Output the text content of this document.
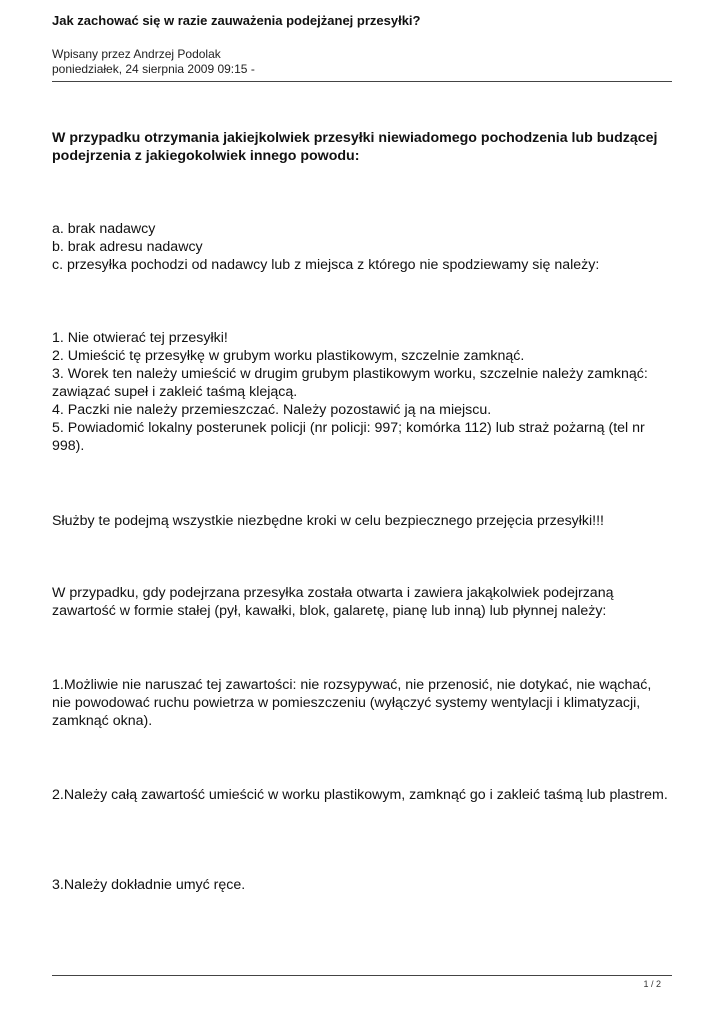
Jak zachować się w razie zauważenia podejżanej przesyłki?
Wpisany przez Andrzej Podolak
poniedziałek, 24 sierpnia 2009 09:15 -

W przypadku otrzymania jakiejkolwiek przesyłki niewiadomego pochodzenia lub budzącej podejrzenia z jakiegokolwiek innego powodu:

a. brak nadawcy

b. brak adresu nadawcy

c. przesyłka pochodzi od nadawcy lub z miejsca z którego nie spodziewamy się należy:

1. Nie otwierać tej przesyłki!

2. Umieścić tę przesyłkę w grubym worku plastikowym, szczelnie zamknąć.

3. Worek ten należy umieścić w drugim grubym plastikowym worku, szczelnie należy zamknąć: zawiązać supeł i zakleić taśmą klejącą.

4. Paczki nie należy przemieszczać. Należy pozostawić ją na miejscu.

5. Powiadomić lokalny posterunek policji (nr policji: 997; komórka 112) lub straż pożarną (tel nr 998).

Służby te podejmą wszystkie niezbędne kroki w celu bezpiecznego przejęcia przesyłki!!!

W przypadku, gdy podejrzana przesyłka została otwarta i zawiera jakąkolwiek podejrzaną zawartość w formie stałej (pył, kawałki, blok, galaretę, pianę lub inną) lub płynnej należy:

1.Możliwie nie naruszać tej zawartości: nie rozsypywać, nie przenosić, nie dotykać, nie wąchać, nie powodować ruchu powietrza w pomieszczeniu (wyłączyć systemy wentylacji i klimatyzacji, zamknąć okna).

2.Należy całą zawartość umieścić w worku plastikowym, zamknąć go i zakleić taśmą lub plastrem.

3.Należy dokładnie umyć ręce.

1 / 2
